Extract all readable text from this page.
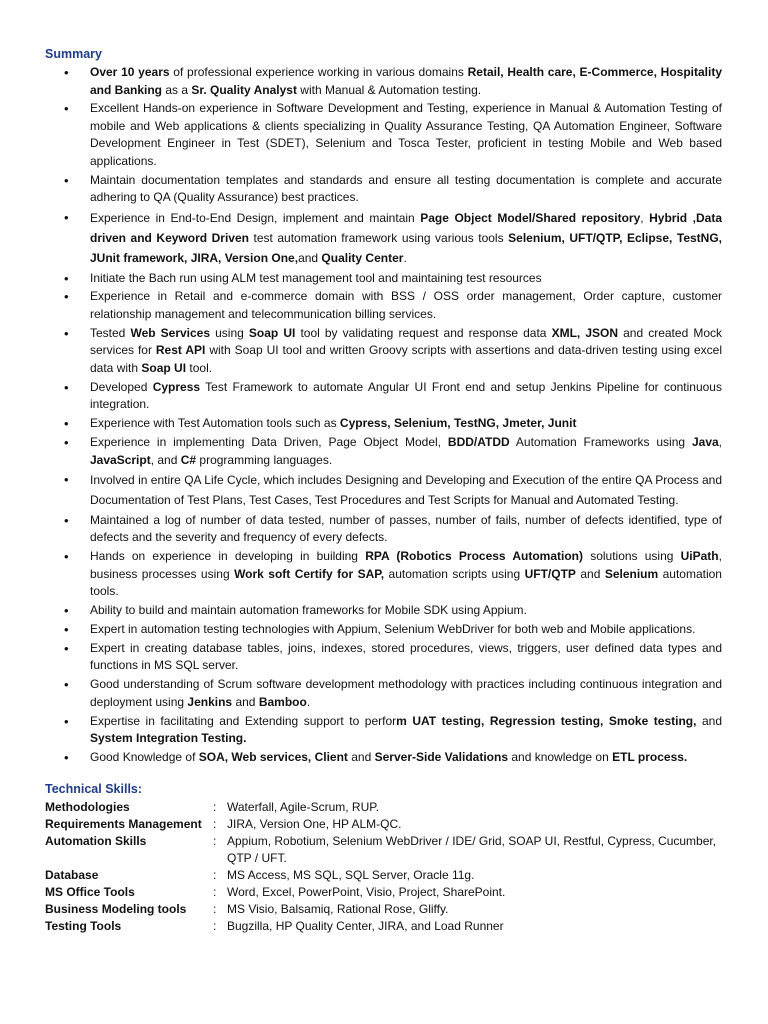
Summary
• Over 10 years of professional experience working in various domains Retail, Health care, E-Commerce, Hospitality and Banking as a Sr. Quality Analyst with Manual & Automation testing.
• Excellent Hands-on experience in Software Development and Testing, experience in Manual & Automation Testing of mobile and Web applications & clients specializing in Quality Assurance Testing, QA Automation Engineer, Software Development Engineer in Test (SDET), Selenium and Tosca Tester, proficient in testing Mobile and Web based applications.
• Maintain documentation templates and standards and ensure all testing documentation is complete and accurate adhering to QA (Quality Assurance) best practices.
• Experience in End-to-End Design, implement and maintain Page Object Model/Shared repository, Hybrid ,Data driven and Keyword Driven test automation framework using various tools Selenium, UFT/QTP, Eclipse, TestNG, JUnit framework, JIRA, Version One,and Quality Center.
• Initiate the Bach run using ALM test management tool and maintaining test resources
• Experience in Retail and e-commerce domain with BSS / OSS order management, Order capture, customer relationship management and telecommunication billing services.
• Tested Web Services using Soap UI tool by validating request and response data XML, JSON and created Mock services for Rest API with Soap UI tool and written Groovy scripts with assertions and data-driven testing using excel data with Soap UI tool.
• Developed Cypress Test Framework to automate Angular UI Front end and setup Jenkins Pipeline for continuous integration.
• Experience with Test Automation tools such as Cypress, Selenium, TestNG, Jmeter, Junit
• Experience in implementing Data Driven, Page Object Model, BDD/ATDD Automation Frameworks using Java, JavaScript, and C# programming languages.
• Involved in entire QA Life Cycle, which includes Designing and Developing and Execution of the entire QA Process and Documentation of Test Plans, Test Cases, Test Procedures and Test Scripts for Manual and Automated Testing.
• Maintained a log of number of data tested, number of passes, number of fails, number of defects identified, type of defects and the severity and frequency of every defects.
• Hands on experience in developing in building RPA (Robotics Process Automation) solutions using UiPath, business processes using Work soft Certify for SAP, automation scripts using UFT/QTP and Selenium automation tools.
• Ability to build and maintain automation frameworks for Mobile SDK using Appium.
• Expert in automation testing technologies with Appium, Selenium WebDriver for both web and Mobile applications.
• Expert in creating database tables, joins, indexes, stored procedures, views, triggers, user defined data types and functions in MS SQL server.
• Good understanding of Scrum software development methodology with practices including continuous integration and deployment using Jenkins and Bamboo.
• Expertise in facilitating and Extending support to perform UAT testing, Regression testing, Smoke testing, and System Integration Testing.
• Good Knowledge of SOA, Web services, Client and Server-Side Validations and knowledge on ETL process.
Technical Skills:
Methodologies	:	Waterfall, Agile-Scrum, RUP.
Requirements Management	:	JIRA, Version One, HP ALM-QC.
Automation Skills	:	Appium, Robotium, Selenium WebDriver / IDE/ Grid, SOAP UI, Restful, Cypress, Cucumber, QTP / UFT.
Database	:	MS Access, MS SQL, SQL Server, Oracle 11g.
MS Office Tools	:	Word, Excel, PowerPoint, Visio, Project, SharePoint.
Business Modeling tools	:	MS Visio, Balsamiq, Rational Rose, Gliffy.
Testing Tools	:	Bugzilla, HP Quality Center, JIRA, and Load Runner
